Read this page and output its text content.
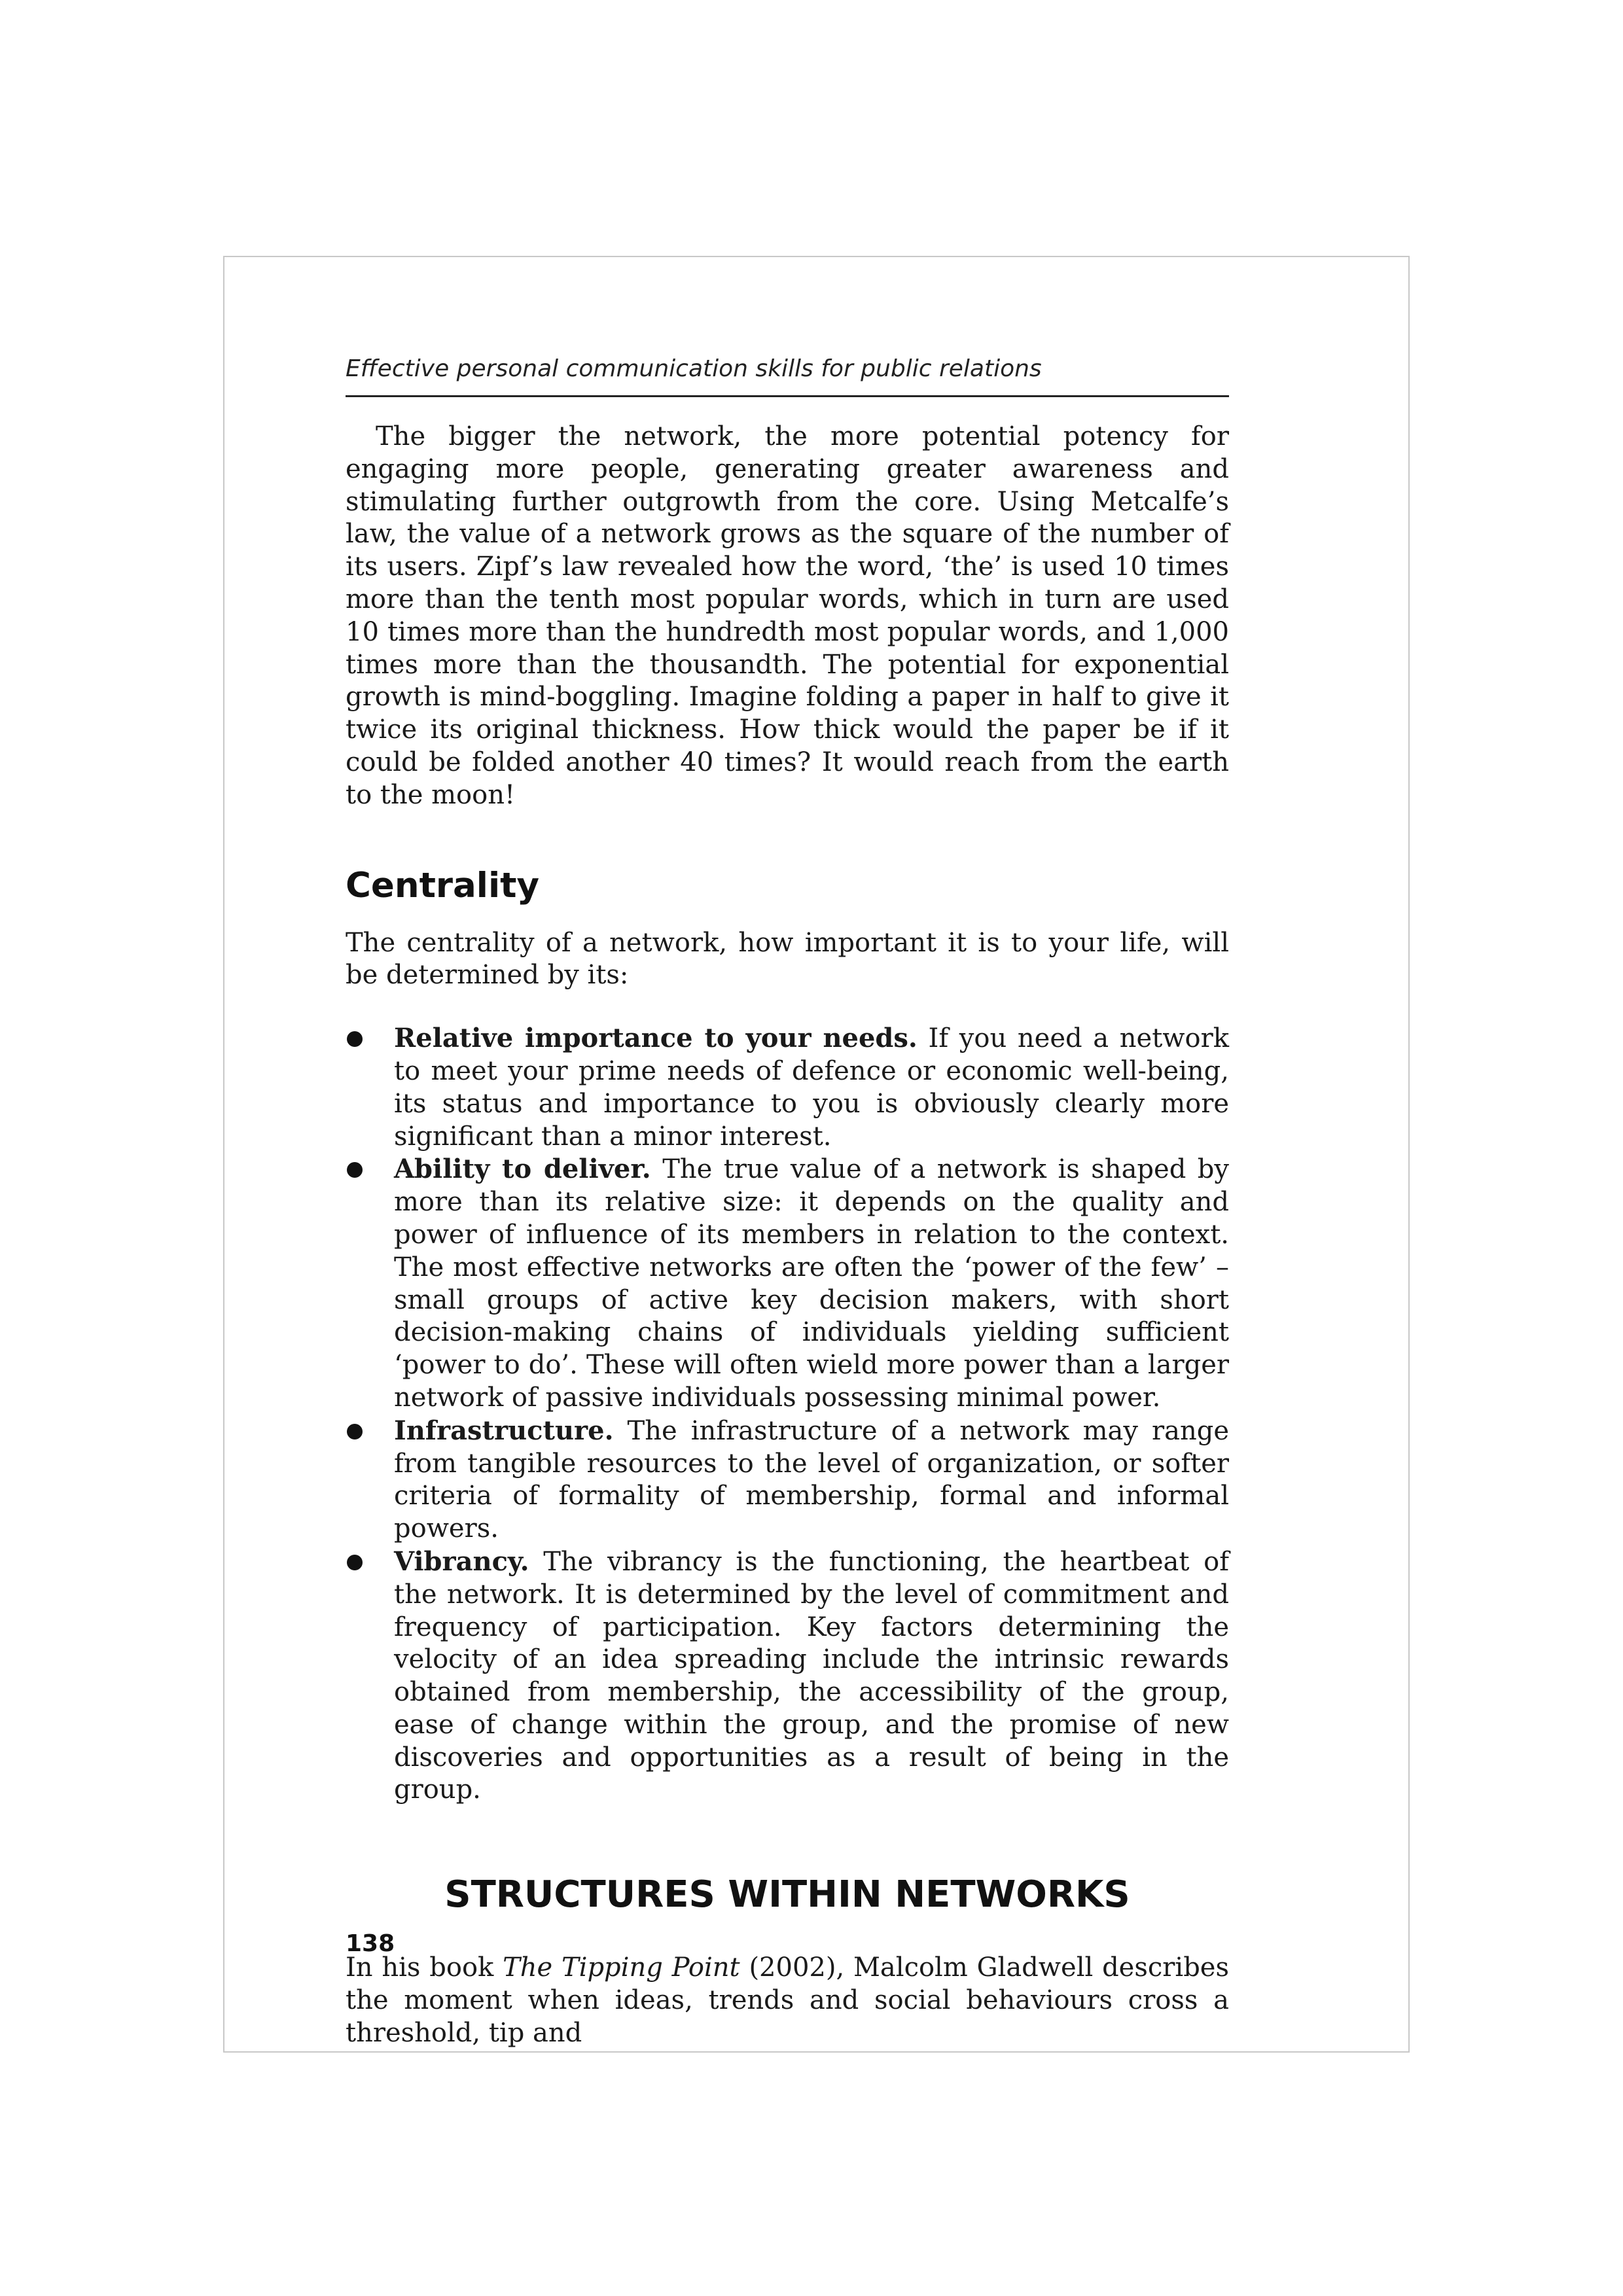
Effective personal communication skills for public relations

The bigger the network, the more potential potency for engaging more people, generating greater awareness and stimulating further outgrowth from the core. Using Metcalfe’s law, the value of a network grows as the square of the number of its users. Zipf’s law revealed how the word, ‘the’ is used 10 times more than the tenth most popular words, which in turn are used 10 times more than the hundredth most popular words, and 1,000 times more than the thousandth. The potential for exponential growth is mind-boggling. Imagine folding a paper in half to give it twice its original thickness. How thick would the paper be if it could be folded another 40 times? It would reach from the earth to the moon!

Centrality

The centrality of a network, how important it is to your life, will be determined by its:

Relative importance to your needs. If you need a network to meet your prime needs of defence or economic well-being, its status and importance to you is obviously clearly more significant than a minor interest.
Ability to deliver. The true value of a network is shaped by more than its relative size: it depends on the quality and power of influence of its members in relation to the context. The most effective networks are often the ‘power of the few’ – small groups of active key decision makers, with short decision-making chains of individuals yielding sufficient ‘power to do’. These will often wield more power than a larger network of passive individuals possessing minimal power.
Infrastructure. The infrastructure of a network may range from tangible resources to the level of organization, or softer criteria of formality of membership, formal and informal powers.
Vibrancy. The vibrancy is the functioning, the heartbeat of the network. It is determined by the level of commitment and frequency of participation. Key factors determining the velocity of an idea spreading include the intrinsic rewards obtained from membership, the accessibility of the group, ease of change within the group, and the promise of new discoveries and opportunities as a result of being in the group.
STRUCTURES WITHIN NETWORKS

In his book The Tipping Point (2002), Malcolm Gladwell describes the moment when ideas, trends and social behaviours cross a threshold, tip and

138
